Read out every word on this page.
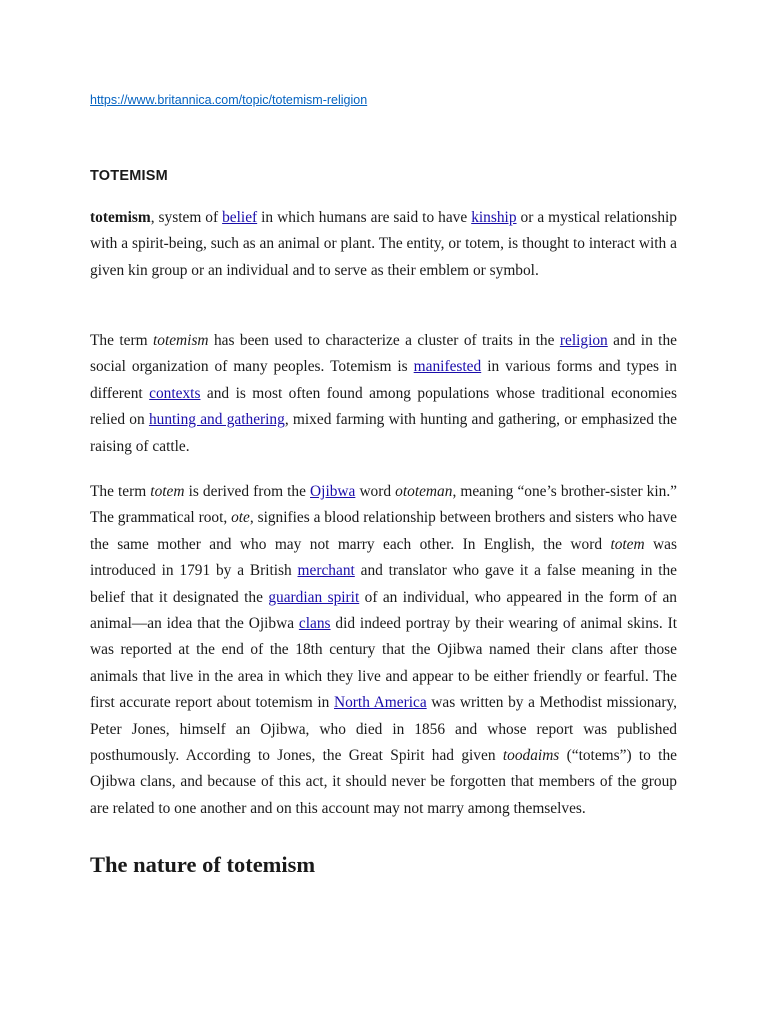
https://www.britannica.com/topic/totemism-religion
TOTEMISM

totemism, system of belief in which humans are said to have kinship or a mystical relationship with a spirit-being, such as an animal or plant. The entity, or totem, is thought to interact with a given kin group or an individual and to serve as their emblem or symbol.

The term totemism has been used to characterize a cluster of traits in the religion and in the social organization of many peoples. Totemism is manifested in various forms and types in different contexts and is most often found among populations whose traditional economies relied on hunting and gathering, mixed farming with hunting and gathering, or emphasized the raising of cattle.

The term totem is derived from the Ojibwa word ototeman, meaning “one’s brother-sister kin.” The grammatical root, ote, signifies a blood relationship between brothers and sisters who have the same mother and who may not marry each other. In English, the word totem was introduced in 1791 by a British merchant and translator who gave it a false meaning in the belief that it designated the guardian spirit of an individual, who appeared in the form of an animal—an idea that the Ojibwa clans did indeed portray by their wearing of animal skins. It was reported at the end of the 18th century that the Ojibwa named their clans after those animals that live in the area in which they live and appear to be either friendly or fearful. The first accurate report about totemism in North America was written by a Methodist missionary, Peter Jones, himself an Ojibwa, who died in 1856 and whose report was published posthumously. According to Jones, the Great Spirit had given toodaims (“totems”) to the Ojibwa clans, and because of this act, it should never be forgotten that members of the group are related to one another and on this account may not marry among themselves.

The nature of totemism
